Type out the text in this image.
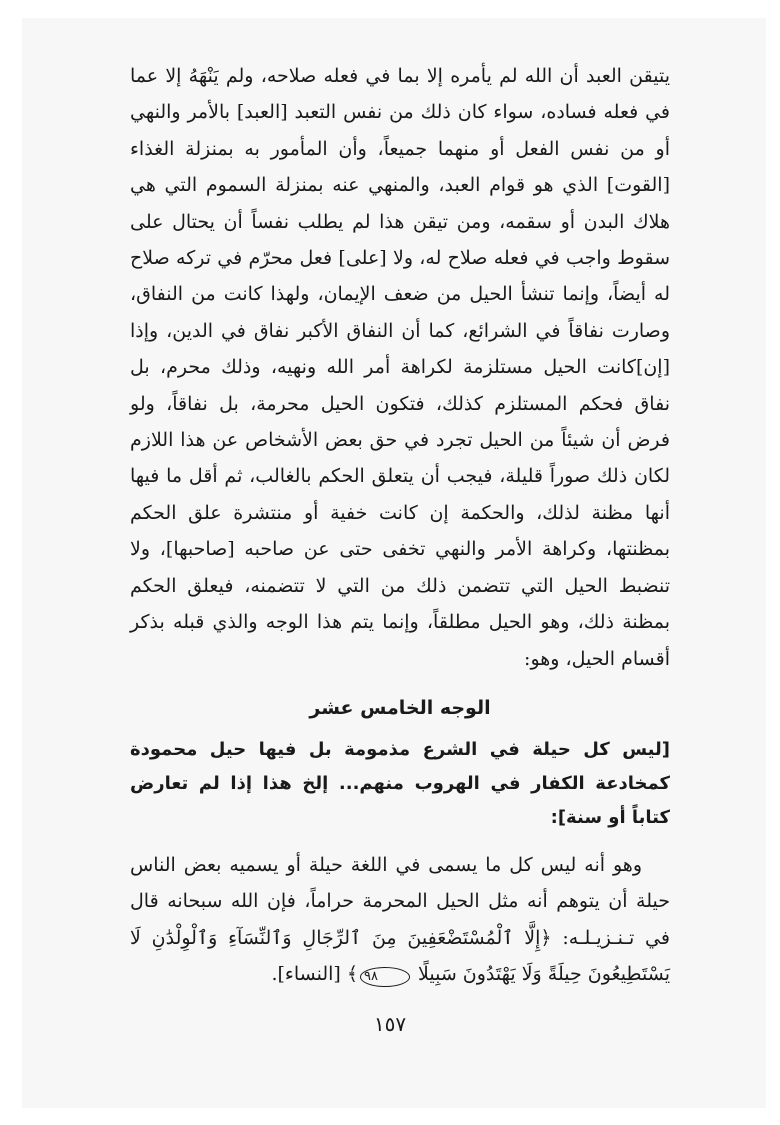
يتيقن العبد أن الله لم يأمره إلا بما في فعله صلاحه، ولم يَنْهَهُ إلا عما في فعله فساده، سواء كان ذلك من نفس التعبد [العبد] بالأمر والنهي أو من نفس الفعل أو منهما جميعاً، وأن المأمور به بمنزلة الغذاء [القوت] الذي هو قوام العبد، والمنهي عنه بمنزلة السموم التي هي هلاك البدن أو سقمه، ومن تيقن هذا لم يطلب نفساً أن يحتال على سقوط واجب في فعله صلاح له، ولا [على] فعل محرّم في تركه صلاح له أيضاً، وإنما تنشأ الحيل من ضعف الإيمان، ولهذا كانت من النفاق، وصارت نفاقاً في الشرائع، كما أن النفاق الأكبر نفاق في الدين، وإذا [إن]كانت الحيل مستلزمة لكراهة أمر الله ونهيه، وذلك محرم، بل نفاق فحكم المستلزم كذلك، فتكون الحيل محرمة، بل نفاقاً، ولو فرض أن شيئاً من الحيل تجرد في حق بعض الأشخاص عن هذا اللازم لكان ذلك صوراً قليلة، فيجب أن يتعلق الحكم بالغالب، ثم أقل ما فيها أنها مظنة لذلك، والحكمة إن كانت خفية أو منتشرة علق الحكم بمظنتها، وكراهة الأمر والنهي تخفى حتى عن صاحبه [صاحبها]، ولا تنضبط الحيل التي تتضمن ذلك من التي لا تتضمنه، فيعلق الحكم بمظنة ذلك، وهو الحيل مطلقاً، وإنما يتم هذا الوجه والذي قبله بذكر أقسام الحيل، وهو:

الوجه الخامس عشر
[ليس كل حيلة في الشرع مذمومة بل فيها حيل محمودة كمخادعة الكفار في الهروب منهم... إلخ هذا إذا لم تعارض كتاباً أو سنة]:

وهو أنه ليس كل ما يسمى في اللغة حيلة أو يسميه بعض الناس حيلة أن يتوهم أنه مثل الحيل المحرمة حراماً، فإن الله سبحانه قال في تـنـزيـلـه: ﴿إِلَّا ٱلْمُسْتَضْعَفِينَ مِنَ ٱلرِّجَالِ وَٱلنِّسَآءِ وَٱلْوِلْدَٰنِ لَا يَسْتَطِيعُونَ حِيلَةً وَلَا يَهْتَدُونَ سَبِيلًا ٩٨﴾ [النساء].

١٥٧
